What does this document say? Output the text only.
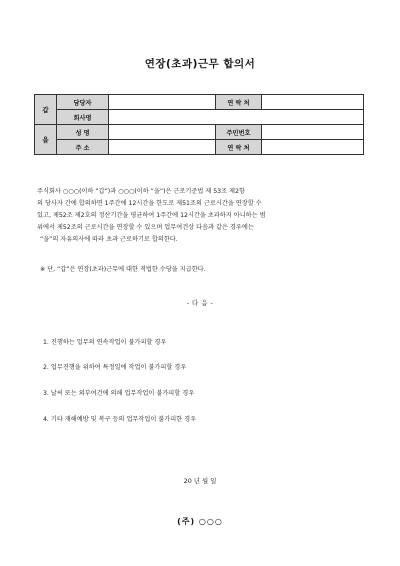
연장(초과)근무 합의서
갑	담당자		연 락 처	
	회사명			
을	성 명		주민번호	
	주 소		연 락 처	
주식회사 ○○○(이하 “갑”)과 ○○○(이하 “을”)은 근로기준법 제 53조 제2항
의 당사자 간에 합의하면 1주간에 12시간을 한도로 제51조의 근로시간을 연장할 수
있고, 제52조 제2호의 정산기간을 평균하여 1주간에 12시간을 초과하지 아니하는 범
위에서 제52조의 근로시간을 연장할 수 있으며 업무여건상 다음과 같은 경우에는
“을”의 자유의사에 따라 초과 근로하기로 합의한다.
※ 단, “갑”은 연장(초과)근무에 대한 적법한 수당을 지급한다.
- 다 음 -
1. 진행하는 업무의 연속작업이 불가피할 경우
2. 업무진행을 위하여 특정일에 작업이 불가피할 경우
3. 날씨 또는 외부여건에 의해 업무작업이 불가피할 경우
4. 기타 재해예방 및 복구 등의 업무작업이 불가피한 경우
20 년 월 일
(주) ○○○
